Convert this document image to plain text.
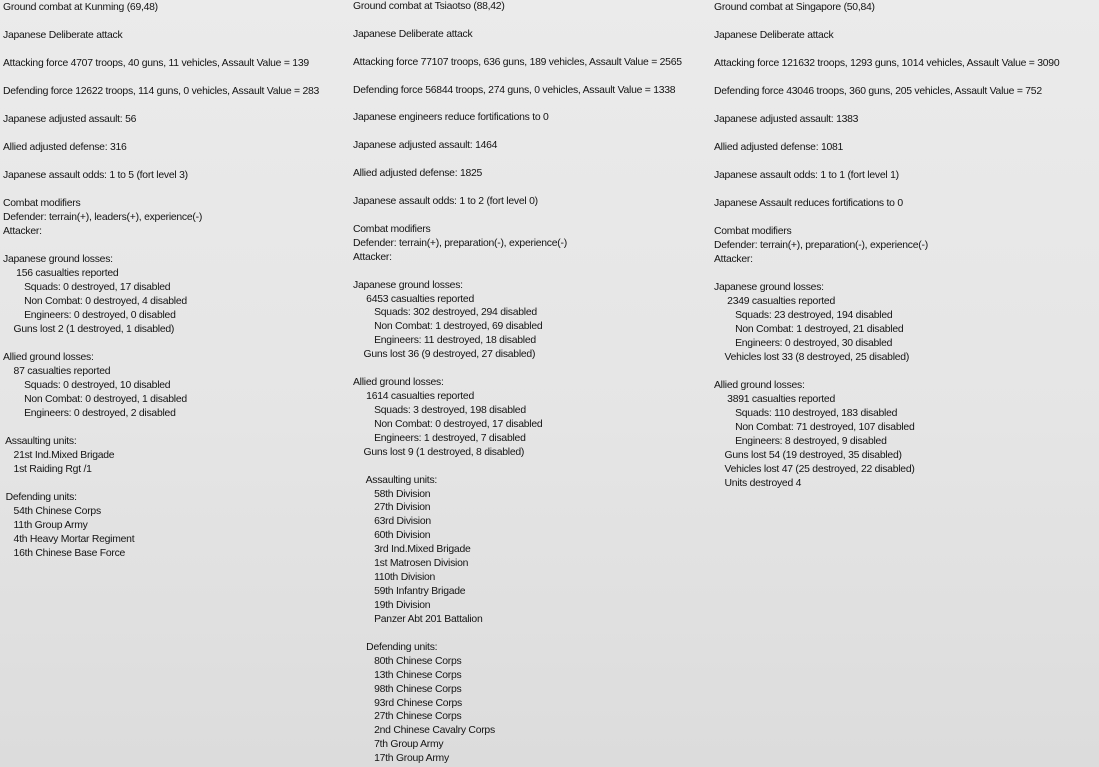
Ground combat at Kunming (69,48)
Japanese Deliberate attack
Attacking force 4707 troops, 40 guns, 11 vehicles, Assault Value = 139
Defending force 12622 troops, 114 guns, 0 vehicles, Assault Value = 283
Japanese adjusted assault: 56
Allied adjusted defense: 316
Japanese assault odds: 1 to 5 (fort level 3)
Combat modifiers
Defender: terrain(+), leaders(+), experience(-)
Attacker:
Japanese ground losses:
156 casualties reported
Squads: 0 destroyed, 17 disabled
Non Combat: 0 destroyed, 4 disabled
Engineers: 0 destroyed, 0 disabled
Guns lost 2 (1 destroyed, 1 disabled)
Allied ground losses:
87 casualties reported
Squads: 0 destroyed, 10 disabled
Non Combat: 0 destroyed, 1 disabled
Engineers: 0 destroyed, 2 disabled
Assaulting units:
21st Ind.Mixed Brigade
1st Raiding Rgt /1
Defending units:
54th Chinese Corps
11th Group Army
4th Heavy Mortar Regiment
16th Chinese Base Force
Ground combat at Tsiaotso (88,42)
Japanese Deliberate attack
Attacking force 77107 troops, 636 guns, 189 vehicles, Assault Value = 2565
Defending force 56844 troops, 274 guns, 0 vehicles, Assault Value = 1338
Japanese engineers reduce fortifications to 0
Japanese adjusted assault: 1464
Allied adjusted defense: 1825
Japanese assault odds: 1 to 2 (fort level 0)
Combat modifiers
Defender: terrain(+), preparation(-), experience(-)
Attacker:
Japanese ground losses:
6453 casualties reported
Squads: 302 destroyed, 294 disabled
Non Combat: 1 destroyed, 69 disabled
Engineers: 11 destroyed, 18 disabled
Guns lost 36 (9 destroyed, 27 disabled)
Allied ground losses:
1614 casualties reported
Squads: 3 destroyed, 198 disabled
Non Combat: 0 destroyed, 17 disabled
Engineers: 1 destroyed, 7 disabled
Guns lost 9 (1 destroyed, 8 disabled)
Assaulting units:
58th Division
27th Division
63rd Division
60th Division
3rd Ind.Mixed Brigade
1st Matrosen Division
110th Division
59th Infantry Brigade
19th Division
Panzer Abt 201 Battalion
Defending units:
80th Chinese Corps
13th Chinese Corps
98th Chinese Corps
93rd Chinese Corps
27th Chinese Corps
2nd Chinese Cavalry Corps
7th Group Army
17th Group Army
Ground combat at Singapore (50,84)
Japanese Deliberate attack
Attacking force 121632 troops, 1293 guns, 1014 vehicles, Assault Value = 3090
Defending force 43046 troops, 360 guns, 205 vehicles, Assault Value = 752
Japanese adjusted assault: 1383
Allied adjusted defense: 1081
Japanese assault odds: 1 to 1 (fort level 1)
Japanese Assault reduces fortifications to 0
Combat modifiers
Defender: terrain(+), preparation(-), experience(-)
Attacker:
Japanese ground losses:
2349 casualties reported
Squads: 23 destroyed, 194 disabled
Non Combat: 1 destroyed, 21 disabled
Engineers: 0 destroyed, 30 disabled
Vehicles lost 33 (8 destroyed, 25 disabled)
Allied ground losses:
3891 casualties reported
Squads: 110 destroyed, 183 disabled
Non Combat: 71 destroyed, 107 disabled
Engineers: 8 destroyed, 9 disabled
Guns lost 54 (19 destroyed, 35 disabled)
Vehicles lost 47 (25 destroyed, 22 disabled)
Units destroyed 4
